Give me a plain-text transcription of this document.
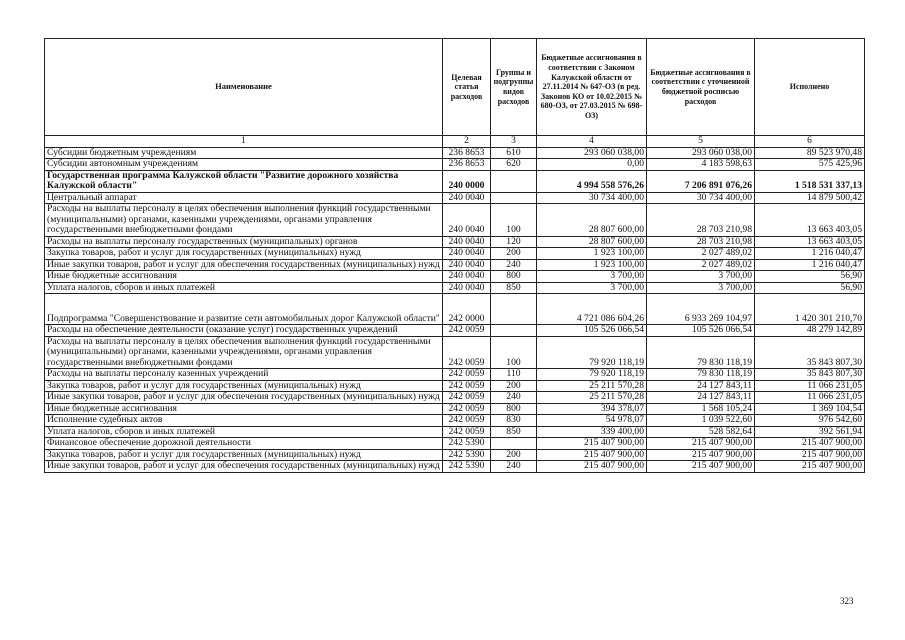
Наименование	Целевая статья расходов	Группы и подгруппы видов расходов	Бюджетные ассигнования в соответствии с Законом Калужской области от 27.11.2014 № 647-ОЗ (в ред. Законов КО от 10.02.2015 № 680-ОЗ, от 27.03.2015 № 698-ОЗ)	Бюджетные ассигнования в соответствии с уточненной бюджетной росписью расходов	Исполнено
1	2	3	4	5	6
Субсидии бюджетным учреждениям	236 8653	610	293 060 038,00	293 060 038,00	89 523 970,48
Субсидии автономным учреждениям	236 8653	620	0,00	4 183 598,63	575 425,96
Государственная программа Калужской области "Развитие дорожного хозяйства Калужской области"	240 0000		4 994 558 576,26	7 206 891 076,26	1 518 531 337,13
Центральный аппарат	240 0040		30 734 400,00	30 734 400,00	14 879 500,42
Расходы на выплаты персоналу в целях обеспечения выполнения функций государственными (муниципальными) органами, казенными учреждениями, органами управления государственными внебюджетными фондами	240 0040	100	28 807 600,00	28 703 210,98	13 663 403,05
Расходы на выплаты персоналу государственных (муниципальных) органов	240 0040	120	28 807 600,00	28 703 210,98	13 663 403,05
Закупка товаров, работ и услуг для государственных (муниципальных) нужд	240 0040	200	1 923 100,00	2 027 489,02	1 216 040,47
Иные закупки товаров, работ и услуг для обеспечения государственных (муниципальных) нужд	240 0040	240	1 923 100,00	2 027 489,02	1 216 040,47
Иные бюджетные ассигнования	240 0040	800	3 700,00	3 700,00	56,90
Уплата налогов, сборов и иных платежей	240 0040	850	3 700,00	3 700,00	56,90
Подпрограмма "Совершенствование и развитие сети автомобильных дорог Калужской области"	242 0000		4 721 086 604,26	6 933 269 104,97	1 420 301 210,70
Расходы на обеспечение деятельности (оказание услуг) государственных учреждений	242 0059		105 526 066,54	105 526 066,54	48 279 142,89
Расходы на выплаты персоналу в целях обеспечения выполнения функций государственными (муниципальными) органами, казенными учреждениями, органами управления государственными внебюджетными фондами	242 0059	100	79 920 118,19	79 830 118,19	35 843 807,30
Расходы на выплаты персоналу казенных учреждений	242 0059	110	79 920 118,19	79 830 118,19	35 843 807,30
Закупка товаров, работ и услуг для государственных (муниципальных) нужд	242 0059	200	25 211 570,28	24 127 843,11	11 066 231,05
Иные закупки товаров, работ и услуг для обеспечения государственных (муниципальных) нужд	242 0059	240	25 211 570,28	24 127 843,11	11 066 231,05
Иные бюджетные ассигнования	242 0059	800	394 378,07	1 568 105,24	1 369 104,54
Исполнение судебных актов	242 0059	830	54 978,07	1 039 522,60	976 542,60
Уплата налогов, сборов и иных платежей	242 0059	850	339 400,00	528 582,64	392 561,94
Финансовое обеспечение дорожной деятельности	242 5390		215 407 900,00	215 407 900,00	215 407 900,00
Закупка товаров, работ и услуг для государственных (муниципальных) нужд	242 5390	200	215 407 900,00	215 407 900,00	215 407 900,00
Иные закупки товаров, работ и услуг для обеспечения государственных (муниципальных) нужд	242 5390	240	215 407 900,00	215 407 900,00	215 407 900,00
323
